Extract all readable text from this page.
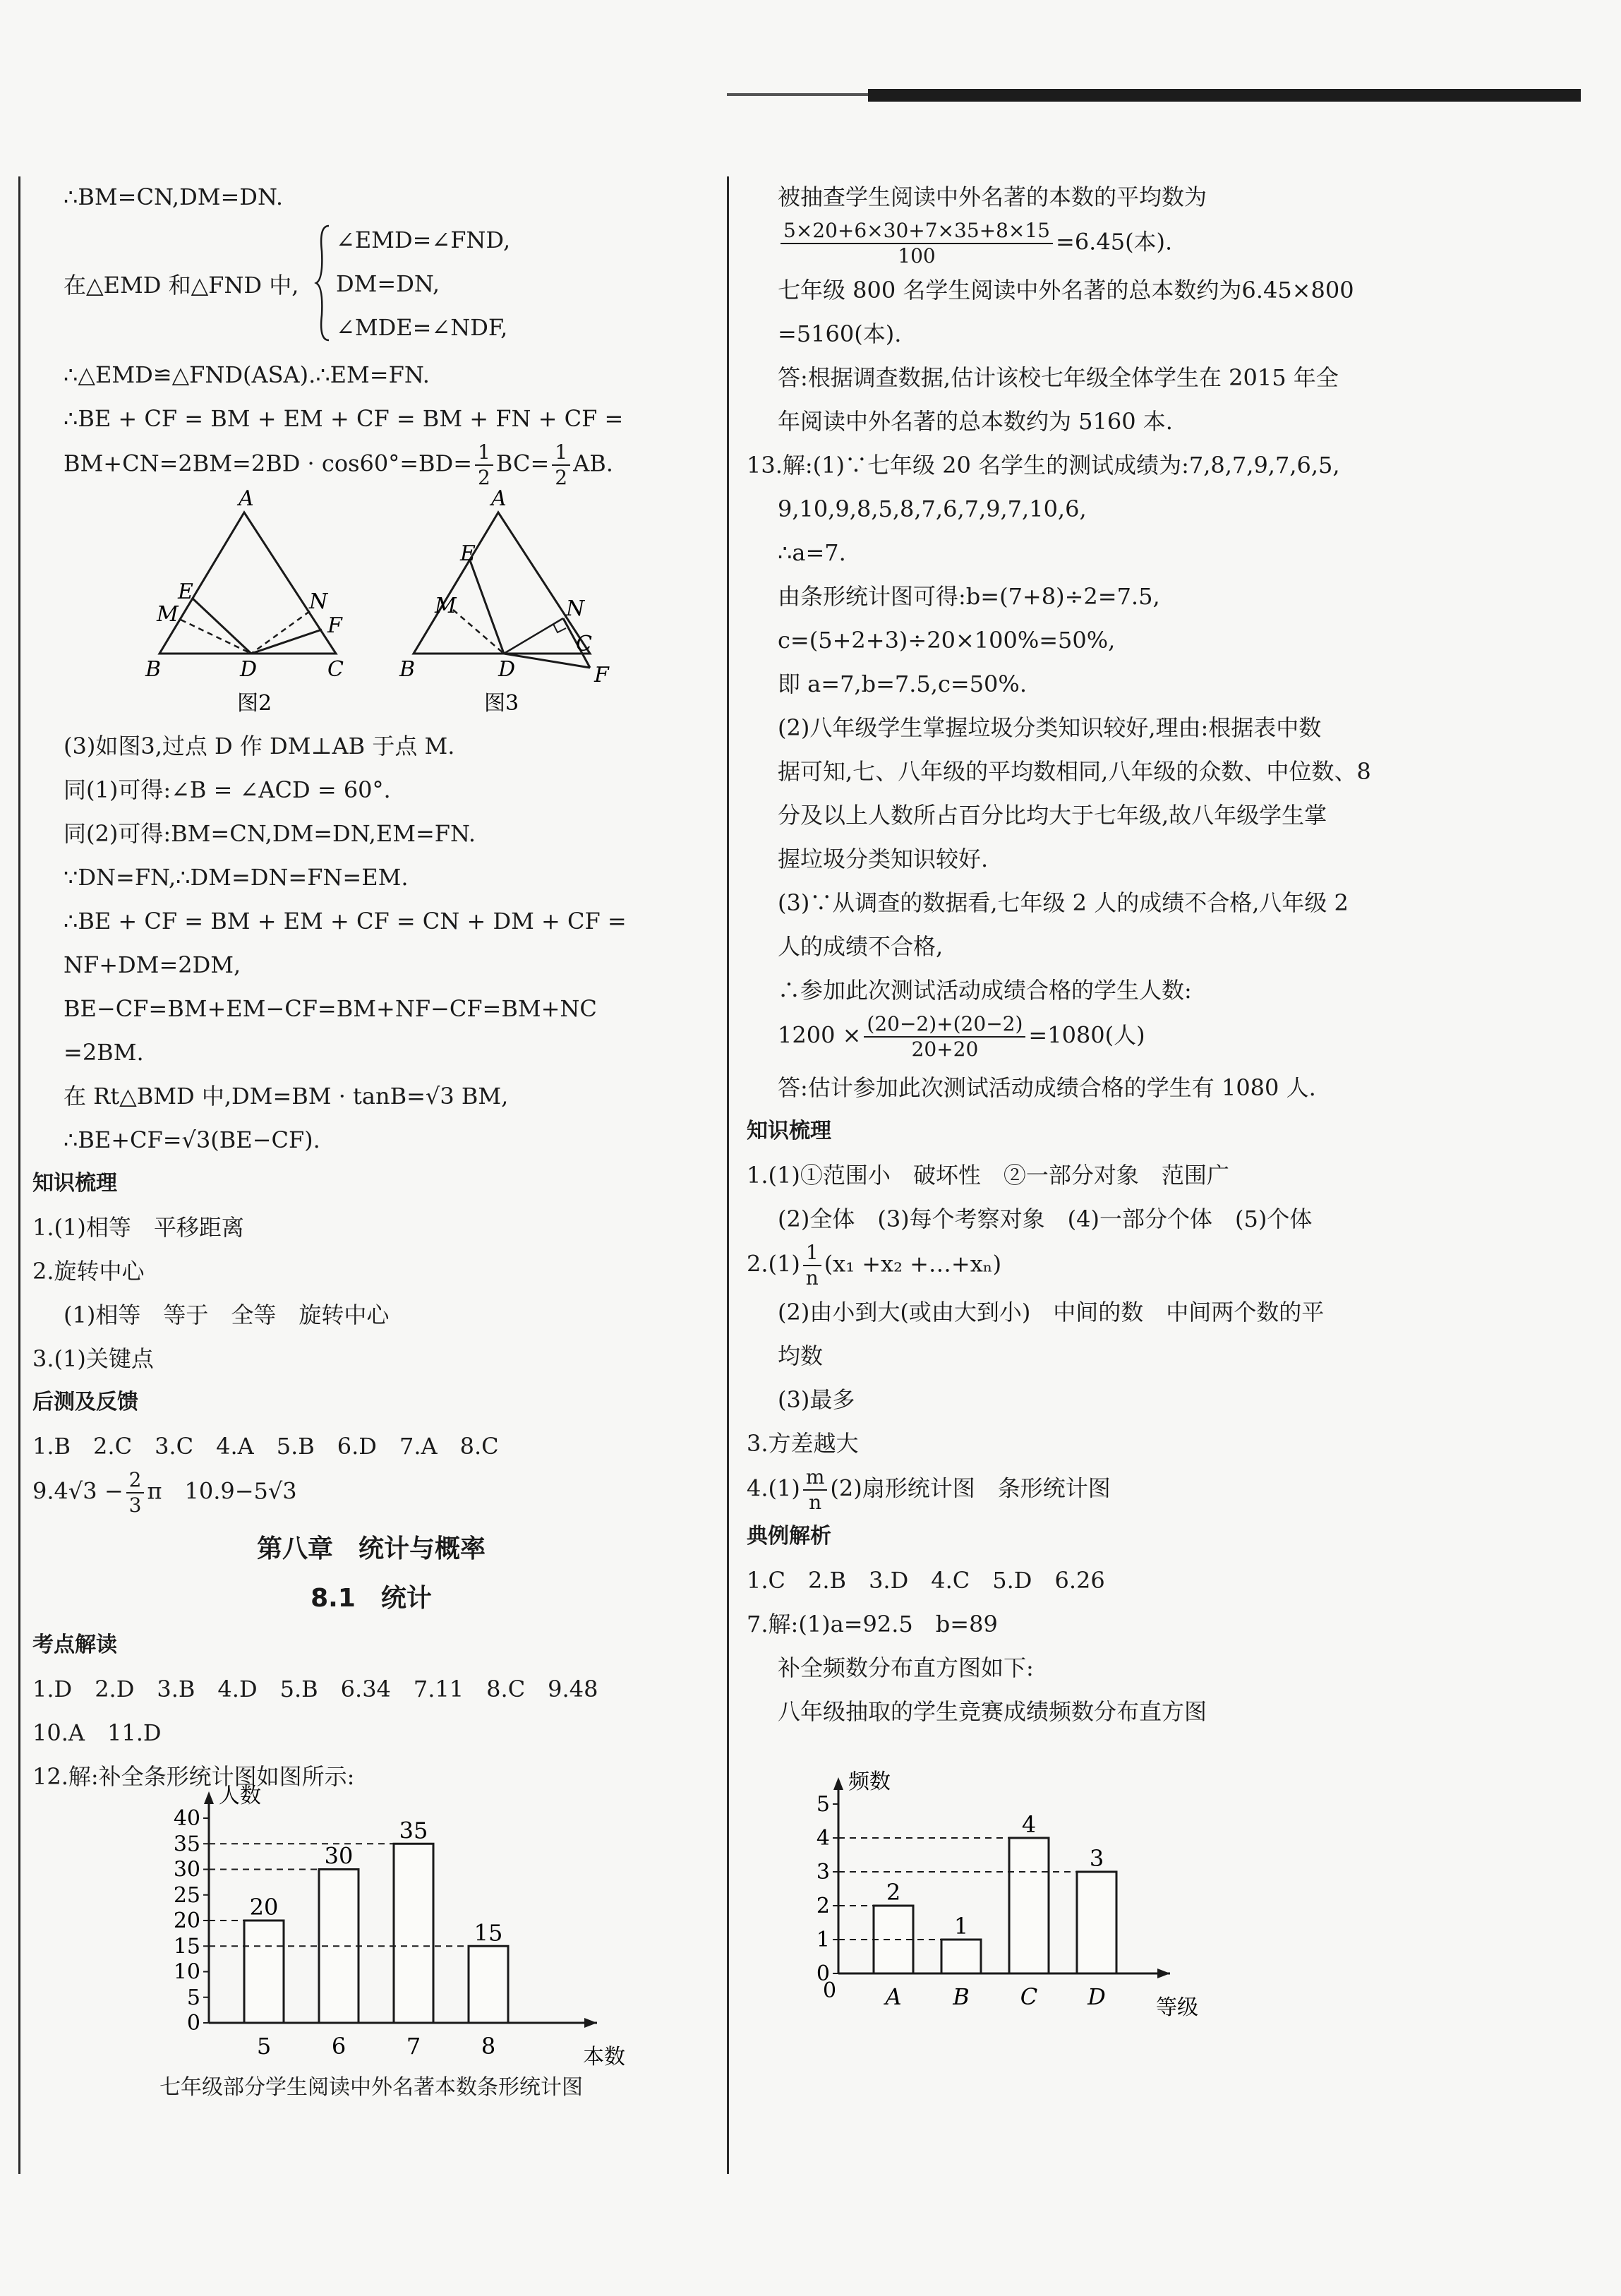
∴BM=CN,DM=DN.
在△EMD 和△FND 中,
∠EMD=∠FND,
DM=DN,
∠MDE=∠NDF,
∴△EMD≌△FND(ASA).∴EM=FN.
∴BE + CF = BM + EM + CF = BM + FN + CF =
$BM+CN=2BM=2BD \cdot \cos 60^\circ=BD= \frac{1}{2} BC= \frac{1}{2}$ AB.
A
B	D	C
E
M
N
F
图2
A
B	D
C
E
M	N
F
图3
(3)如图3,过点 D 作 DM⊥AB 于点 M.
同(1)可得:∠B = ∠ACD = 60°.
同(2)可得:BM=CN,DM=DN,EM=FN.
∵DN=FN,∴DM=DN=FN=EM.
∴BE + CF = BM + EM + CF = CN + DM + CF =
NF+DM=2DM,
BE−CF=BM+EM−CF=BM+NF−CF=BM+NC
=2BM.
在 Rt△BMD 中,DM=BM · tanB=√3 BM,
∴BE+CF=√3(BE−CF).
知识梳理
1.(1)相等　平移距离
2.旋转中心
(1)相等　等于　全等　旋转中心
3.(1)关键点
后测及反馈
1.B　2.C　3.C　4.A　5.B　6.D　7.A　8.C
$9.4√3 - \frac{2}{3}$ π　10.9−5√3
第八章　统计与概率
8.1　统计
考点解读
1.D　2.D　3.B　4.D　5.B　6.34　7.11　8.C　9.48
10.A　11.D
12.解:补全条形统计图如图所示:
人数
本数
0
5
10
15
20
25
30
35
40
20
5
30
6
35
7
15
8
七年级部分学生阅读中外名著本数条形统计图
被抽查学生阅读中外名著的本数的平均数为
$\frac{5\times 20+6\times 30+7\times 35+8\times 15}{100} =6.45$(本).
七年级 800 名学生阅读中外名著的总本数约为6.45×800
=5160(本).
答:根据调查数据,估计该校七年级全体学生在 2015 年全
年阅读中外名著的总本数约为 5160 本.
13.解:(1)∵七年级 20 名学生的测试成绩为:7,8,7,9,7,6,5,
9,10,9,8,5,8,7,6,7,9,7,10,6,
∴a=7.
由条形统计图可得:b=(7+8)÷2=7.5,
c=(5+2+3)÷20×100%=50%,
即 a=7,b=7.5,c=50%.
(2)八年级学生掌握垃圾分类知识较好,理由:根据表中数
据可知,七、八年级的平均数相同,八年级的众数、中位数、8
分及以上人数所占百分比均大于七年级,故八年级学生掌
握垃圾分类知识较好.
(3)∵从调查的数据看,七年级 2 人的成绩不合格,八年级 2
人的成绩不合格,
∴参加此次测试活动成绩合格的学生人数:
$1200 \times \frac{(20-2)+(20-2)}{20+20} =1080$(人)
答:估计参加此次测试活动成绩合格的学生有 1080 人.
知识梳理
1.(1)①范围小　破坏性　②一部分对象　范围广
(2)全体　(3)每个考察对象　(4)一部分个体　(5)个体
$2.(1) \frac{1}{n} (x_1 +x_2$ +…+xₙ)
(2)由小到大(或由大到小)　中间的数　中间两个数的平
均数
(3)最多
3.方差越大
$4.(1) \frac{m}{n} (2)$扇形统计图　条形统计图
典例解析
1.C　2.B　3.D　4.C　5.D　6.26
7.解:(1)a=92.5　b=89
补全频数分布直方图如下:
八年级抽取的学生竞赛成绩频数分布直方图
频数
等级
0
1
2
3
4
5
2
A
1
B
4
C
3
D
0
